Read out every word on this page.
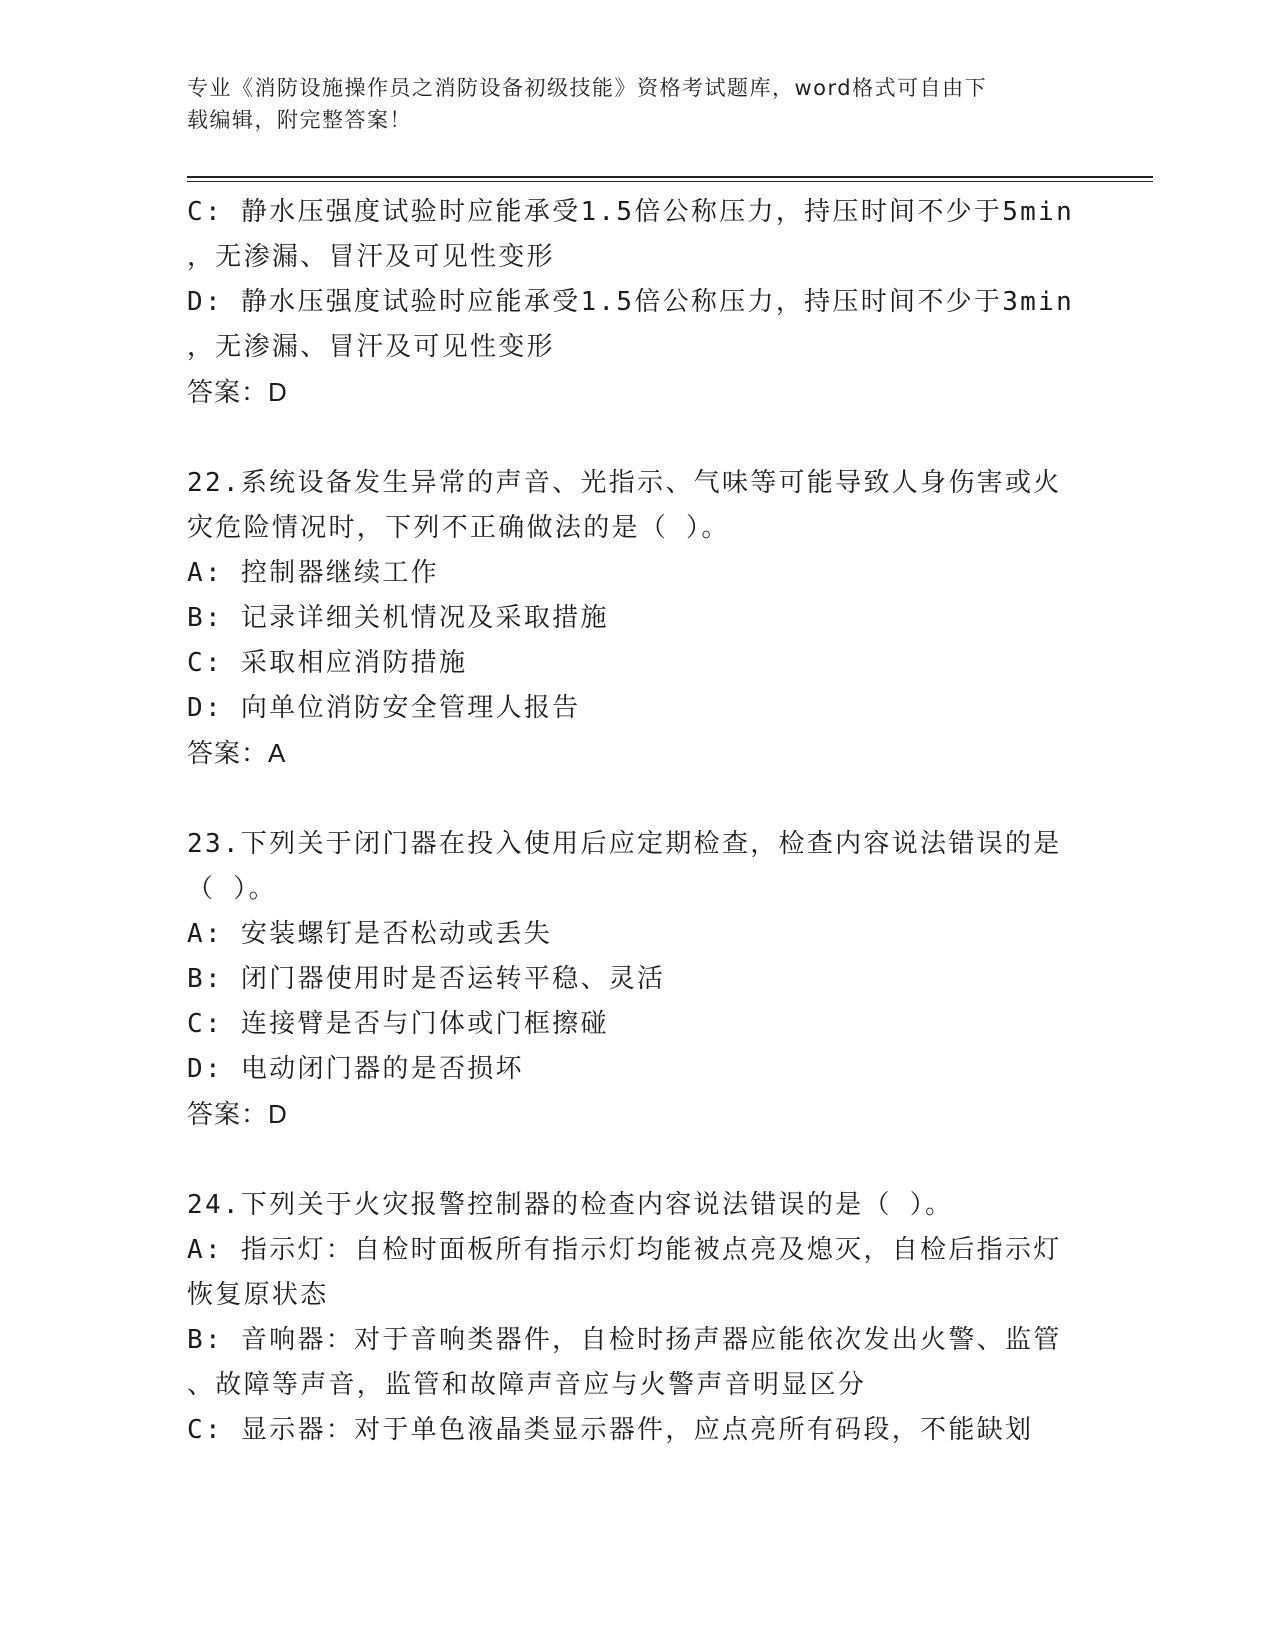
专业《消防设施操作员之消防设备初级技能》资格考试题库，word格式可自由下
载编辑，附完整答案！
C: 静水压强度试验时应能承受1.5倍公称压力，持压时间不少于5min
，无渗漏、冒汗及可见性变形
D: 静水压强度试验时应能承受1.5倍公称压力，持压时间不少于3min
，无渗漏、冒汗及可见性变形
答案：D
22.系统设备发生异常的声音、光指示、气味等可能导致人身伤害或火
灾危险情况时，下列不正确做法的是（ ）。
A: 控制器继续工作
B: 记录详细关机情况及采取措施
C: 采取相应消防措施
D: 向单位消防安全管理人报告
答案：A
23.下列关于闭门器在投入使用后应定期检查，检查内容说法错误的是
（ ）。
A: 安装螺钉是否松动或丢失
B: 闭门器使用时是否运转平稳、灵活
C: 连接臂是否与门体或门框擦碰
D: 电动闭门器的是否损坏
答案：D
24.下列关于火灾报警控制器的检查内容说法错误的是（ ）。
A: 指示灯：自检时面板所有指示灯均能被点亮及熄灭，自检后指示灯
恢复原状态
B: 音响器：对于音响类器件，自检时扬声器应能依次发出火警、监管
、故障等声音，监管和故障声音应与火警声音明显区分
C: 显示器：对于单色液晶类显示器件，应点亮所有码段，不能缺划
